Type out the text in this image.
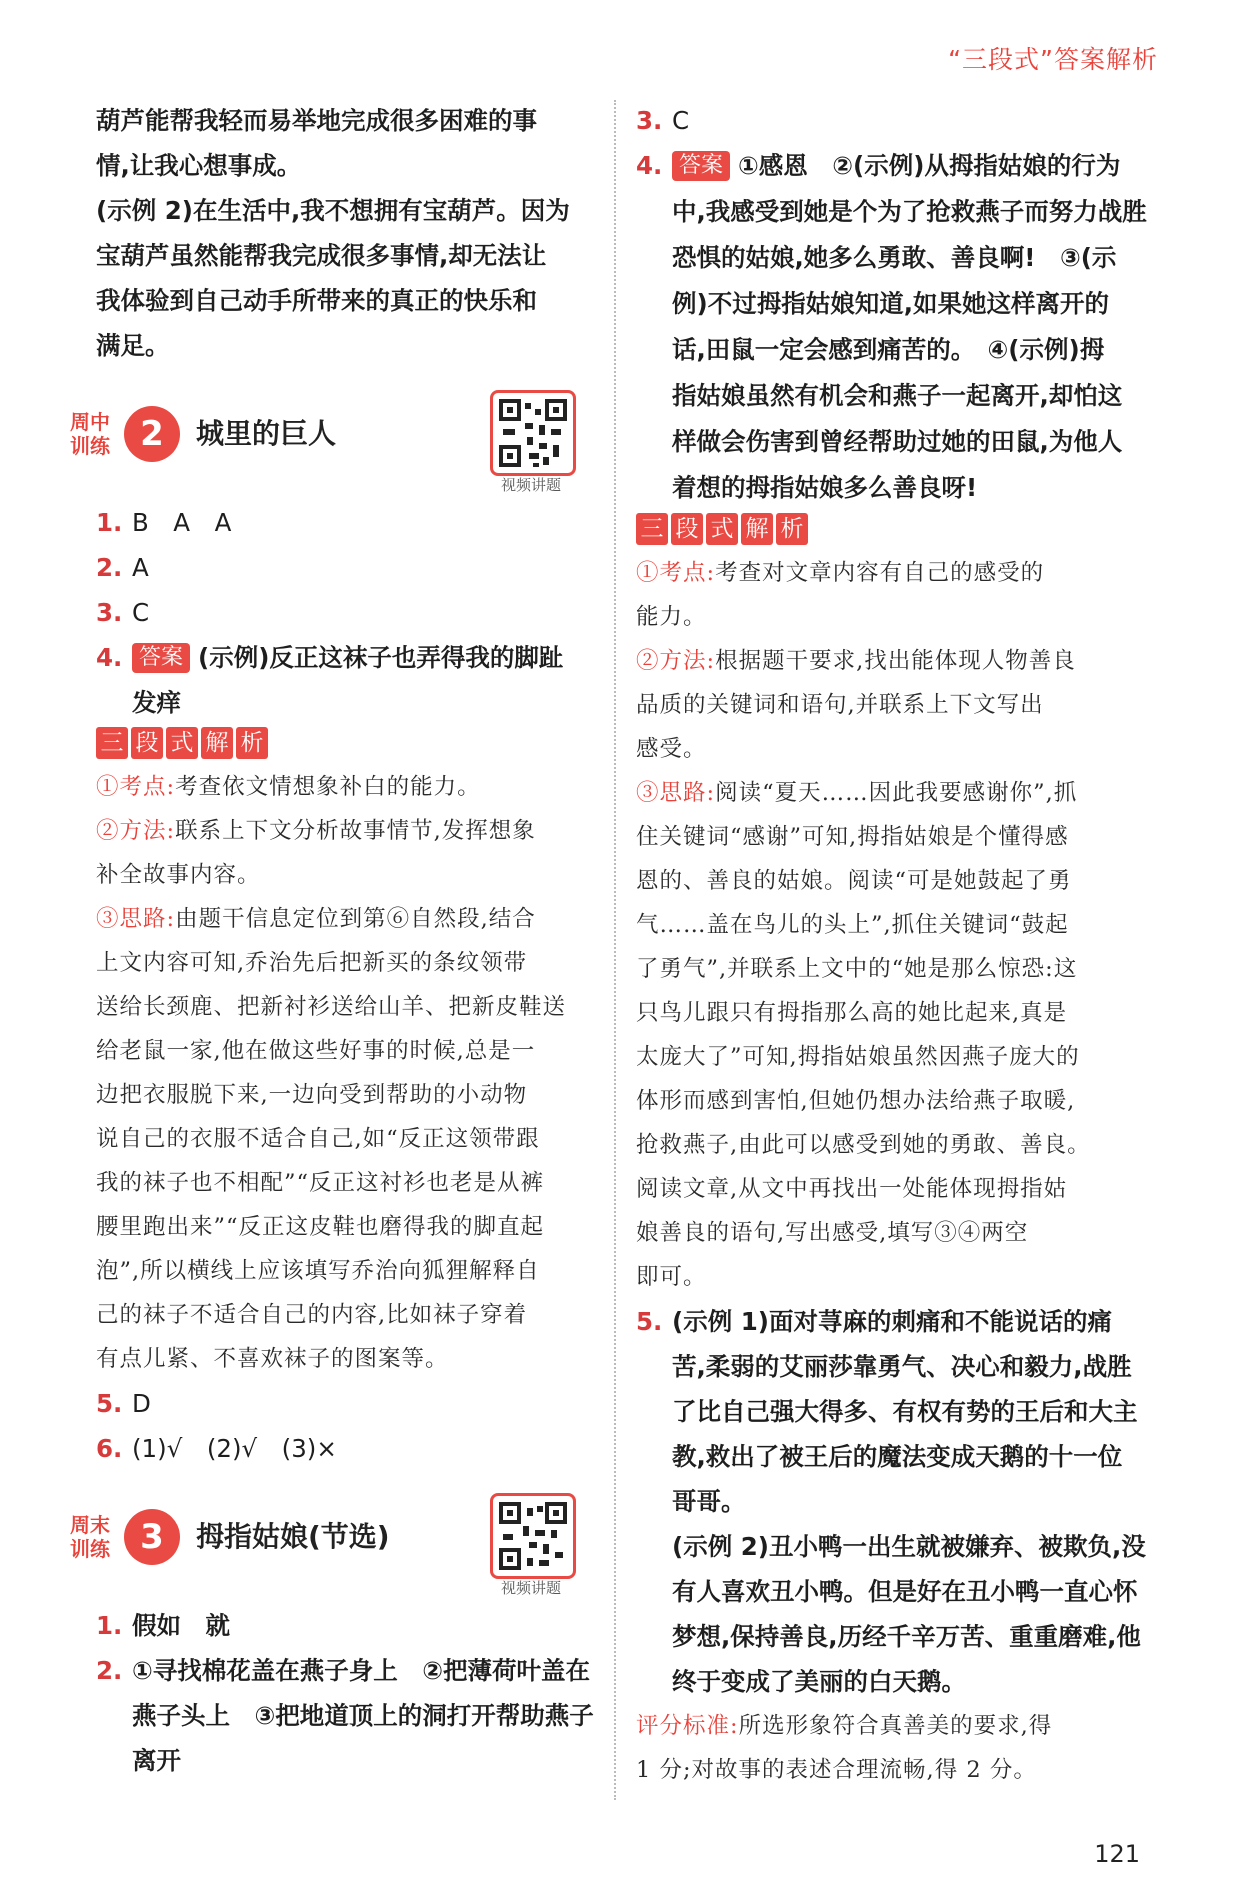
“三段式”答案解析
葫芦能帮我轻而易举地完成很多困难的事
情,让我心想事成。
(示例 2)在生活中,我不想拥有宝葫芦。因为
宝葫芦虽然能帮我完成很多事情,却无法让
我体验到自己动手所带来的真正的快乐和
满足。
周中
训练 2	城里的巨人
视频讲题
1. B　A　A
2. A
3. C
4. 答案 (示例)反正这袜子也弄得我的脚趾
发痒
三 段 式 解 析
①考点:考查依文情想象补白的能力。
②方法:联系上下文分析故事情节,发挥想象
补全故事内容。
③思路:由题干信息定位到第⑥自然段,结合
上文内容可知,乔治先后把新买的条纹领带
送给长颈鹿、把新衬衫送给山羊、把新皮鞋送
给老鼠一家,他在做这些好事的时候,总是一
边把衣服脱下来,一边向受到帮助的小动物
说自己的衣服不适合自己,如“反正这领带跟
我的袜子也不相配”“反正这衬衫也老是从裤
腰里跑出来”“反正这皮鞋也磨得我的脚直起
泡”,所以横线上应该填写乔治向狐狸解释自
己的袜子不适合自己的内容,比如袜子穿着
有点儿紧、不喜欢袜子的图案等。
5. D
6. (1)√　(2)√　(3)×
周末
训练 3	拇指姑娘(节选)
视频讲题
1. 假如　就
2. ①寻找棉花盖在燕子身上　②把薄荷叶盖在
燕子头上　③把地道顶上的洞打开帮助燕子
离开
3. C
4. 答案 ①感恩　②(示例)从拇指姑娘的行为
中,我感受到她是个为了抢救燕子而努力战胜
恐惧的姑娘,她多么勇敢、善良啊!　③(示
例)不过拇指姑娘知道,如果她这样离开的
话,田鼠一定会感到痛苦的。　④(示例)拇
指姑娘虽然有机会和燕子一起离开,却怕这
样做会伤害到曾经帮助过她的田鼠,为他人
着想的拇指姑娘多么善良呀!
三 段 式 解 析
①考点:考查对文章内容有自己的感受的
能力。
②方法:根据题干要求,找出能体现人物善良
品质的关键词和语句,并联系上下文写出
感受。
③思路:阅读“夏天……因此我要感谢你”,抓
住关键词“感谢”可知,拇指姑娘是个懂得感
恩的、善良的姑娘。阅读“可是她鼓起了勇
气……盖在鸟儿的头上”,抓住关键词“鼓起
了勇气”,并联系上文中的“她是那么惊恐:这
只鸟儿跟只有拇指那么高的她比起来,真是
太庞大了”可知,拇指姑娘虽然因燕子庞大的
体形而感到害怕,但她仍想办法给燕子取暖,
抢救燕子,由此可以感受到她的勇敢、善良。
阅读文章,从文中再找出一处能体现拇指姑
娘善良的语句,写出感受,填写③④两空
即可。
5. (示例 1)面对荨麻的刺痛和不能说话的痛
苦,柔弱的艾丽莎靠勇气、决心和毅力,战胜
了比自己强大得多、有权有势的王后和大主
教,救出了被王后的魔法变成天鹅的十一位
哥哥。
(示例 2)丑小鸭一出生就被嫌弃、被欺负,没
有人喜欢丑小鸭。但是好在丑小鸭一直心怀
梦想,保持善良,历经千辛万苦、重重磨难,他
终于变成了美丽的白天鹅。
评分标准:所选形象符合真善美的要求,得
1 分;对故事的表述合理流畅,得 2 分。
121
